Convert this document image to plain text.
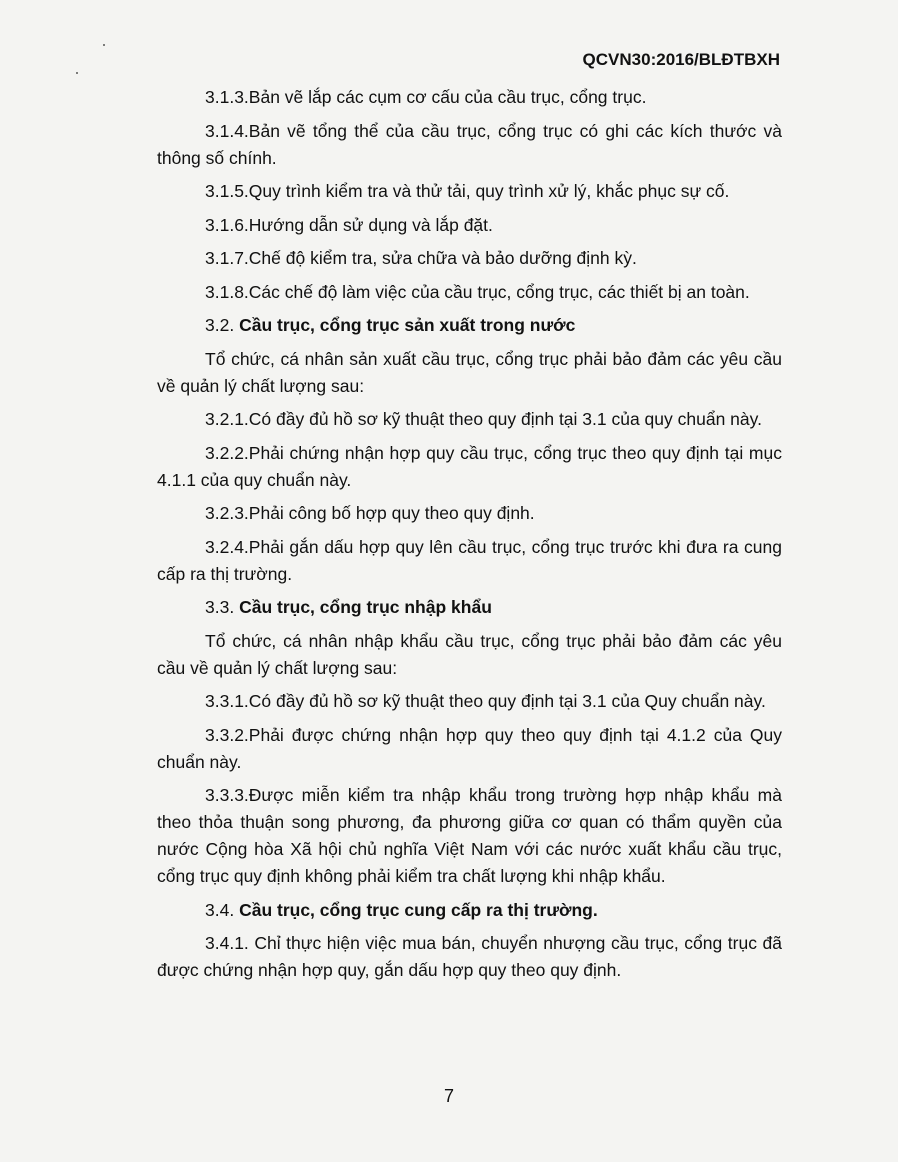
QCVN30:2016/BLĐTBXH

3.1.3.Bản vẽ lắp các cụm cơ cấu của cầu trục, cổng trục.

3.1.4.Bản vẽ tổng thể của cầu trục, cổng trục có ghi các kích thước và thông số chính.

3.1.5.Quy trình kiểm tra và thử tải, quy trình xử lý, khắc phục sự cố.

3.1.6.Hướng dẫn sử dụng và lắp đặt.

3.1.7.Chế độ kiểm tra, sửa chữa và bảo dưỡng định kỳ.

3.1.8.Các chế độ làm việc của cầu trục, cổng trục, các thiết bị an toàn.

3.2. Cầu trục, cổng trục sản xuất trong nước

Tổ chức, cá nhân sản xuất cầu trục, cổng trục phải bảo đảm các yêu cầu về quản lý chất lượng sau:

3.2.1.Có đầy đủ hồ sơ kỹ thuật theo quy định tại 3.1 của quy chuẩn này.

3.2.2.Phải chứng nhận hợp quy cầu trục, cổng trục theo quy định tại mục 4.1.1 của quy chuẩn này.

3.2.3.Phải công bố hợp quy theo quy định.

3.2.4.Phải gắn dấu hợp quy lên cầu trục, cổng trục trước khi đưa ra cung cấp ra thị trường.

3.3. Cầu trục, cổng trục nhập khẩu

Tổ chức, cá nhân nhập khẩu cầu trục, cổng trục phải bảo đảm các yêu cầu về quản lý chất lượng sau:

3.3.1.Có đầy đủ hồ sơ kỹ thuật theo quy định tại 3.1 của Quy chuẩn này.

3.3.2.Phải được chứng nhận hợp quy theo quy định tại 4.1.2 của Quy chuẩn này.

3.3.3.Được miễn kiểm tra nhập khẩu trong trường hợp nhập khẩu mà theo thỏa thuận song phương, đa phương giữa cơ quan có thẩm quyền của nước Cộng hòa Xã hội chủ nghĩa Việt Nam với các nước xuất khẩu cầu trục, cổng trục quy định không phải kiểm tra chất lượng khi nhập khẩu.

3.4. Cầu trục, cổng trục cung cấp ra thị trường.

3.4.1. Chỉ thực hiện việc mua bán, chuyển nhượng cầu trục, cổng trục đã được chứng nhận hợp quy, gắn dấu hợp quy theo quy định.

7
